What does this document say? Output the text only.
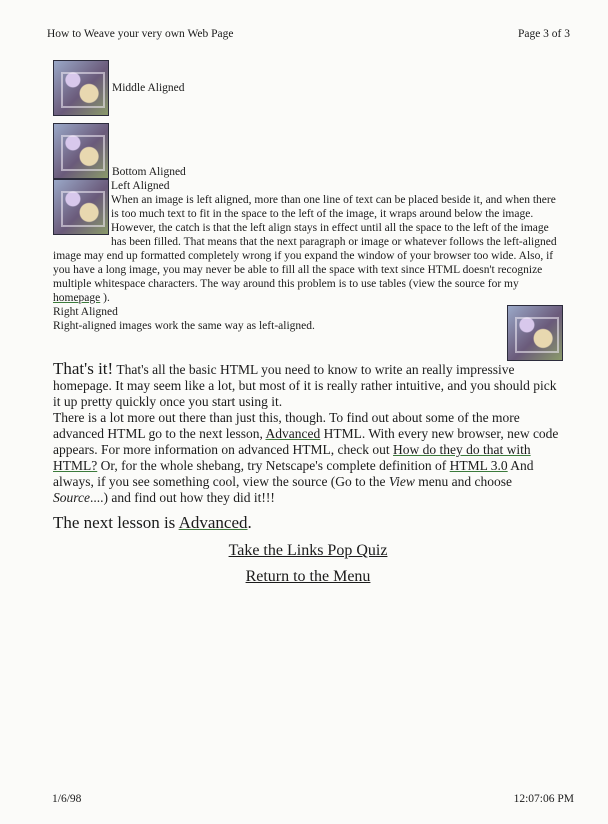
How to Weave your very own Web Page	Page 3 of 3
Middle Aligned
Bottom Aligned
Left Aligned
When an image is left aligned, more than one line of text can be placed beside it, and when there is too much text to fit in the space to the left of the image, it wraps around below the image. However, the catch is that the left align stays in effect until all the space to the left of the image has been filled. That means that the next paragraph or image or whatever follows the left-aligned image may end up formatted completely wrong if you expand the window of your browser too wide. Also, if you have a long image, you may never be able to fill all the space with text since HTML doesn't recognize multiple whitespace characters. The way around this problem is to use tables (view the source for my homepage ).
Right Aligned
Right-aligned images work the same way as left-aligned.
That's it! That's all the basic HTML you need to know to write an really impressive homepage. It may seem like a lot, but most of it is really rather intuitive, and you should pick it up pretty quickly once you start using it.
There is a lot more out there than just this, though. To find out about some of the more advanced HTML go to the next lesson, Advanced HTML. With every new browser, new code appears. For more information on advanced HTML, check out How do they do that with HTML? Or, for the whole shebang, try Netscape's complete definition of HTML 3.0 And always, if you see something cool, view the source (Go to the View menu and choose Source....) and find out how they did it!!!
The next lesson is Advanced.
Take the Links Pop Quiz
Return to the Menu
1/6/98	12:07:06 PM
